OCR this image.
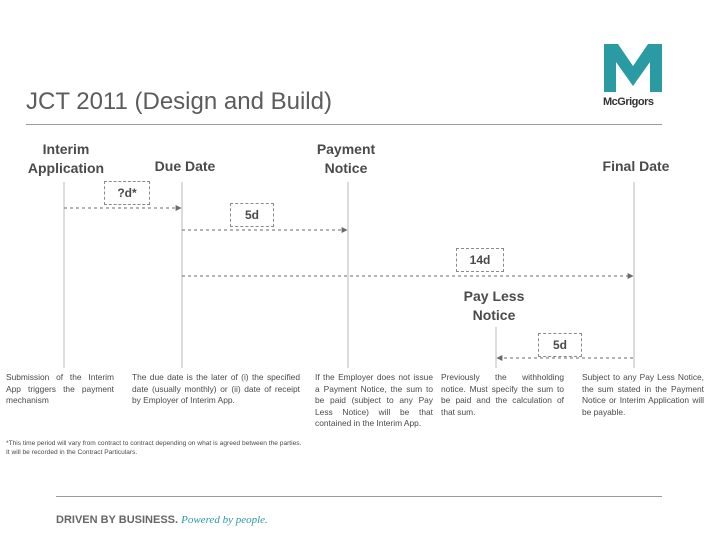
JCT 2011 (Design and Build)	McGrigors
Interim
Application	Due Date
Payment
Notice	Final Date
Pay Less
Notice
?d*
5d
14d
5d
Submission of the Interim App triggers the payment mechanism
The due date is the later of (i) the specified date (usually monthly) or (ii) date of receipt by Employer of Interim App.
If the Employer does not issue a Payment Notice, the sum to be paid (subject to any Pay Less Notice) will be that contained in the Interim App.
Previously the withholding notice. Must specify the sum to be paid and the calculation of that sum.
Subject to any Pay Less Notice, the sum stated in the Payment Notice or Interim Application will be payable.
*This time period will vary from contract to contract depending on what is agreed between the parties. It will be recorded in the Contract Particulars.
DRIVEN BY BUSINESS. Powered by people.
